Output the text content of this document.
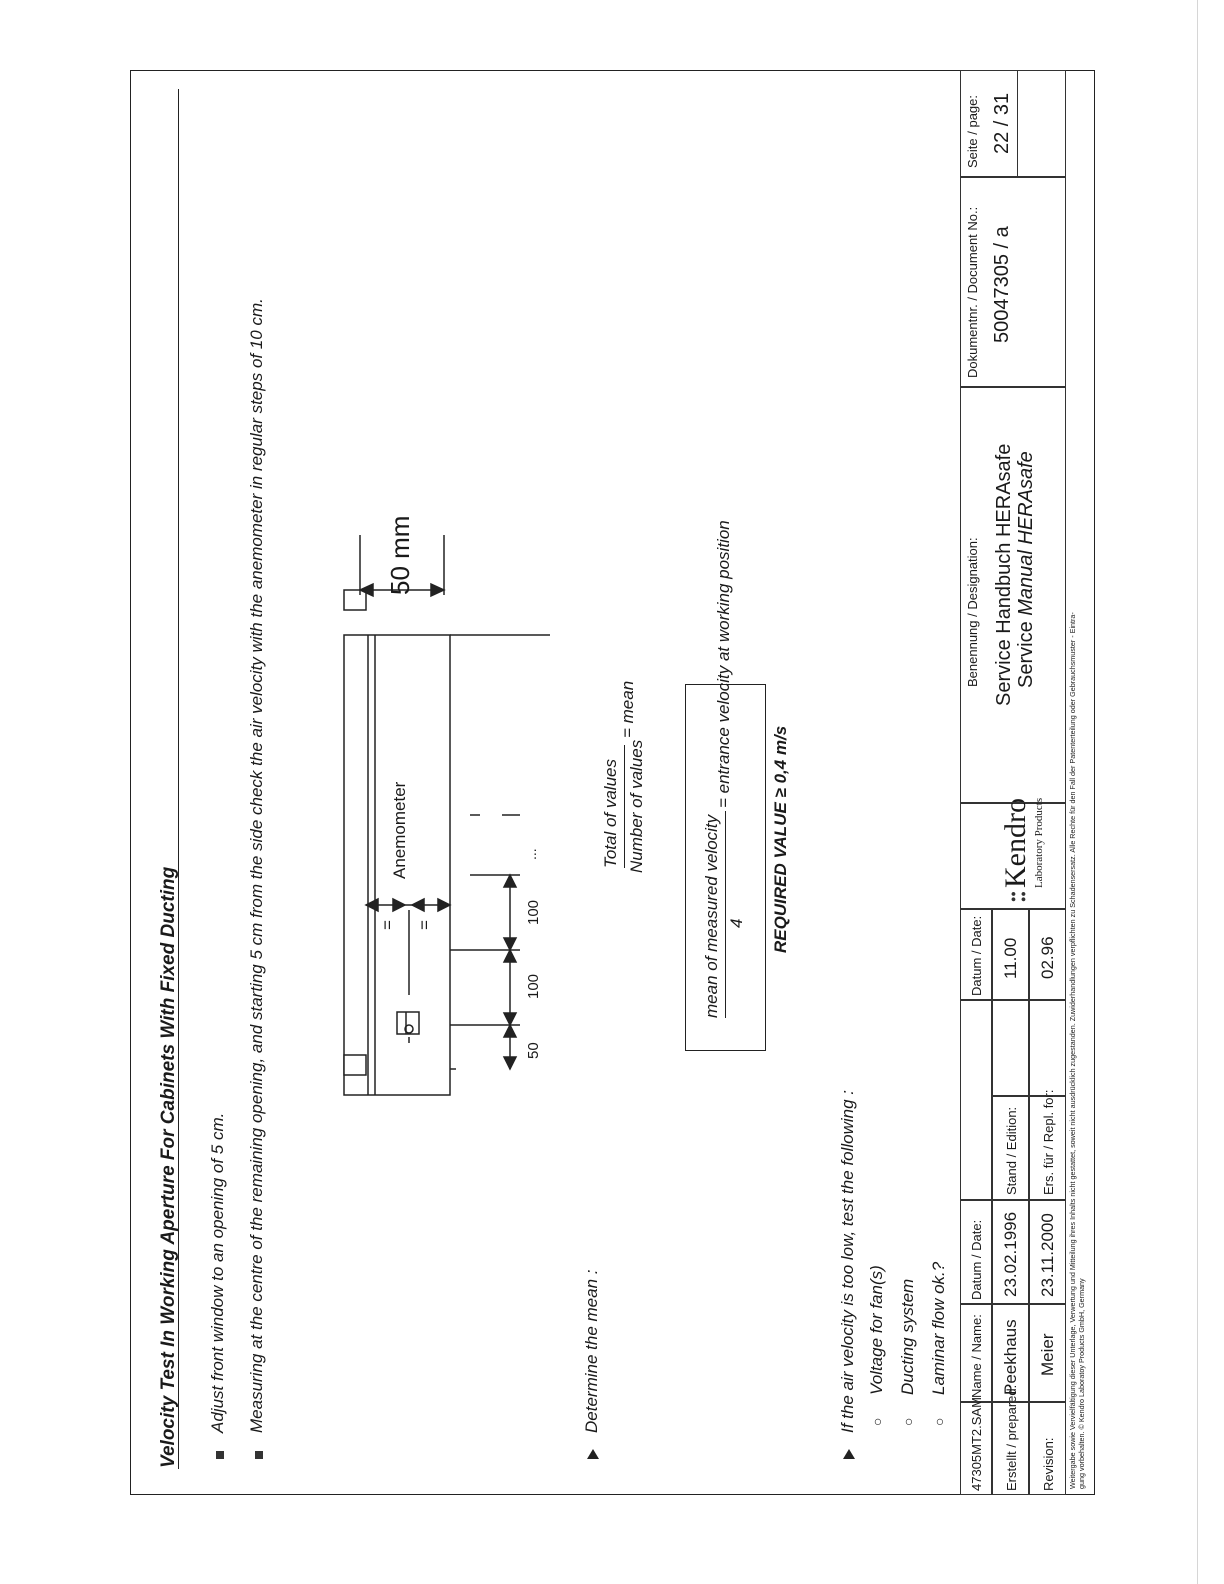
Velocity Test In Working Aperture For Cabinets With Fixed Ducting Adjust front window to an opening of 5 cm. Measuring at the centre of the remaining opening, and starting 5 cm from the side check the air velocity with the anemometer in regular steps of 10 cm.	= =
Anemometer
50 mm
50
100
100
...
Determine the mean :
Total of values Number of values
= mean
mean of measured velocity 4
= entrance velocity at working position
REQUIRED VALUE ≥ 0,4 m/s
If the air velocity is too low, test the following : ○
Voltage for fan(s)
○
Ducting system
○
Laminar flow ok.?
47305MT2.SAM
Name / Name:
Datum / Date:
Datum / Date:
Erstellt / prepared:
Peekhaus
23.02.1996
Stand / Edition:
11.00
Revision:
Meier
23.11.2000
Ers. für / Repl. for:
02.96
●●
●●
Kendro Laboratory Products
Benennung / Designation: Service Handbuch HERAsafe Service Manual HERAsafe
Dokumentnr. / Document No.: 50047305 / a
Seite / page: 22 / 31
Weitergabe sowie Vervielfältigung dieser Unterlage, Verwertung und Mitteilung ihres Inhalts nicht gestattet, soweit nicht ausdrücklich zugestanden. Zuwiderhandlungen verpflichten zu Schadensersatz. Alle Rechte für den Fall der Patenterteilung oder Gebrauchsmuster - Eintra- gung vorbehalten. © Kendro Laboratoy Products GmbH, Germany
